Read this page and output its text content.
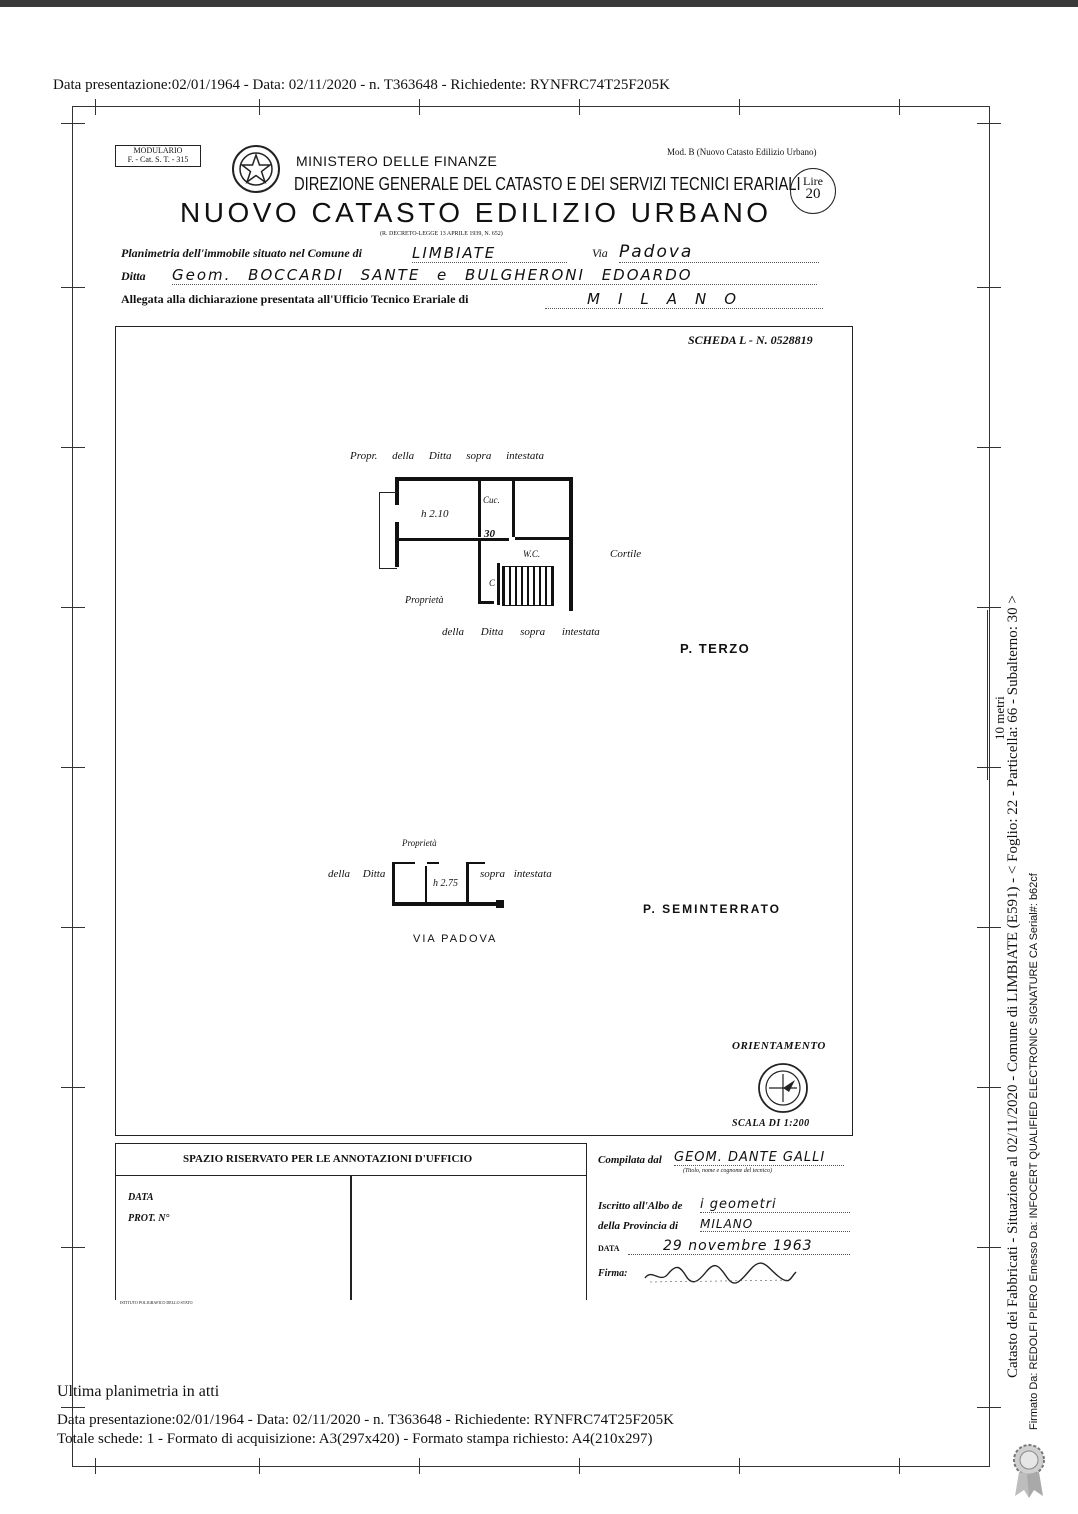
Data presentazione:02/01/1964 - Data: 02/11/2020 - n. T363648 - Richiedente: RYNFRC74T25F205K
MODULARIO
F. - Cat. S. T. - 315	MINISTERO DELLE FINANZE
Mod. B (Nuovo Catasto Edilizio Urbano)
DIREZIONE GENERALE DEL CATASTO E DEI SERVIZI TECNICI ERARIALI Lire
20
NUOVO CATASTO EDILIZIO URBANO
(R. DECRETO-LEGGE 13 APRILE 1939, N. 652)
Planimetria dell'immobile situato nel Comune di	LIMBIATE	Via Padova
Ditta Geom. BOCCARDI SANTE e BULGHERONI EDOARDO
Allegata alla dichiarazione presentata all'Ufficio Tecnico Erariale di	MILANO
SCHEDA L - N. 0528819
Propr. della Ditta sopra intestata
h 2.10
Cuc.
30
W.C.
C
Cortile
Proprietà
della Ditta sopra intestata
P. TERZO
Proprietà
della Ditta
h 2.75
sopra intestata
P. SEMINTERRATO
VIA PADOVA
ORIENTAMENTO
SCALA DI 1:200
SPAZIO RISERVATO PER LE ANNOTAZIONI D'UFFICIO
DATA
PROT. N°
ISTITUTO POLIGRAFICO DELLO STATO
Compilata dal GEOM. DANTE GALLI
(Titolo, nome e cognome del tecnico)
Iscritto all'Albo de i geometri
della Provincia di MILANO
DATA	29 novembre 1963
Firma:	Catasto dei Fabbricati - Situazione al 02/11/2020 - Comune di LIMBIATE (E591) - < Foglio: 22 - Particella: 66 - Subalterno: 30 > Firmato Da: REDOLFI PIERO Emesso Da: INFOCERT QUALIFIED ELECTRONIC SIGNATURE CA Serial#: b62cf
10 metri
Ultima planimetria in atti
Data presentazione:02/01/1964 - Data: 02/11/2020 - n. T363648 - Richiedente: RYNFRC74T25F205K
Totale schede: 1 - Formato di acquisizione: A3(297x420) - Formato stampa richiesto: A4(210x297)
